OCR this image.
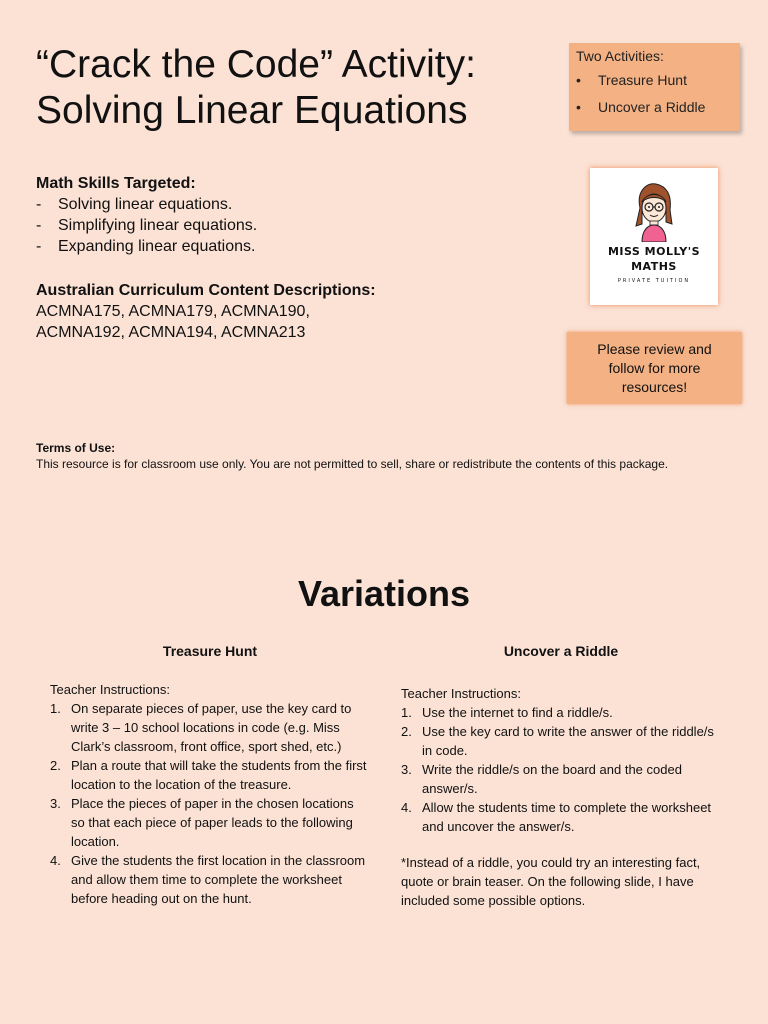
“Crack the Code” Activity:
Solving Linear Equations
Two Activities:
•	Treasure Hunt
•	Uncover a Riddle
MISS MOLLY'S
MATHS
PRIVATE TUITION
Please review and follow for more resources!
Math Skills Targeted:
-	Solving linear equations.
-	Simplifying linear equations.
-	Expanding linear equations.
Australian Curriculum Content Descriptions:
ACMNA175, ACMNA179, ACMNA190,
ACMNA192, ACMNA194, ACMNA213
Terms of Use:
This resource is for classroom use only. You are not permitted to sell, share or redistribute the contents of this package.
Variations
Treasure Hunt
Teacher Instructions:
1. On separate pieces of paper, use the key card to write 3 – 10 school locations in code (e.g. Miss Clark’s classroom, front office, sport shed, etc.)
2. Plan a route that will take the students from the first location to the location of the treasure.
3. Place the pieces of paper in the chosen locations so that each piece of paper leads to the following location.
4. Give the students the first location in the classroom and allow them time to complete the worksheet before heading out on the hunt.
Uncover a Riddle
Teacher Instructions:
1. Use the internet to find a riddle/s.
2. Use the key card to write the answer of the riddle/s in code.
3. Write the riddle/s on the board and the coded answer/s.
4. Allow the students time to complete the worksheet and uncover the answer/s.
*Instead of a riddle, you could try an interesting fact, quote or brain teaser. On the following slide, I have included some possible options.
